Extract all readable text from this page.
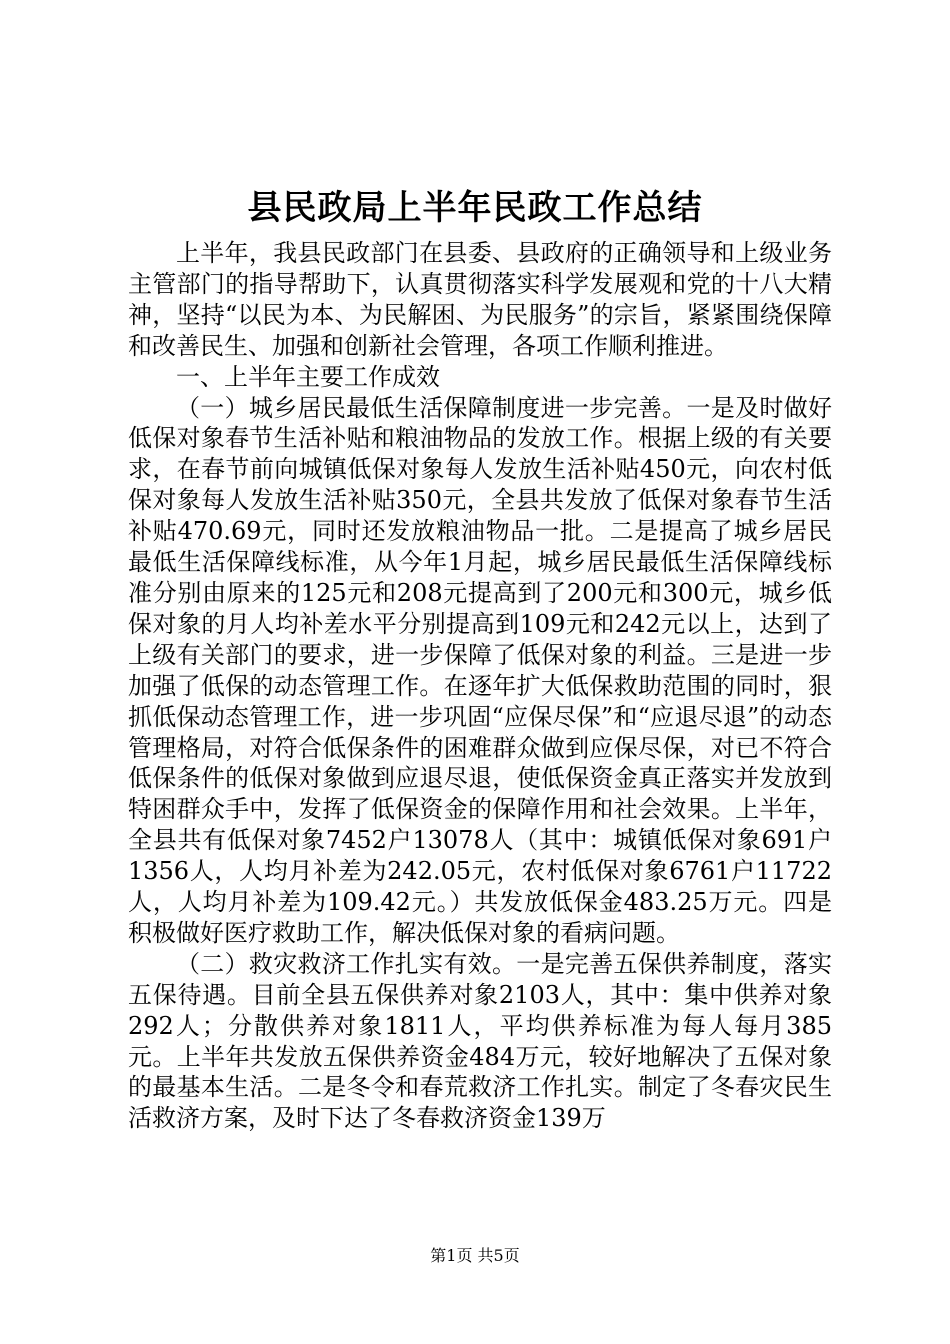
县民政局上半年民政工作总结

上半年，我县民政部门在县委、县政府的正确领导和上级业务主管部门的指导帮助下，认真贯彻落实科学发展观和党的十八大精神，坚持“以民为本、为民解困、为民服务”的宗旨，紧紧围绕保障和改善民生、加强和创新社会管理，各项工作顺利推进。

一、上半年主要工作成效

（一）城乡居民最低生活保障制度进一步完善。一是及时做好低保对象春节生活补贴和粮油物品的发放工作。根据上级的有关要求，在春节前向城镇低保对象每人发放生活补贴450元，向农村低保对象每人发放生活补贴350元，全县共发放了低保对象春节生活补贴470.69元，同时还发放粮油物品一批。二是提高了城乡居民最低生活保障线标准，从今年1月起，城乡居民最低生活保障线标准分别由原来的125元和208元提高到了200元和300元，城乡低保对象的月人均补差水平分别提高到109元和242元以上，达到了上级有关部门的要求，进一步保障了低保对象的利益。三是进一步加强了低保的动态管理工作。在逐年扩大低保救助范围的同时，狠抓低保动态管理工作，进一步巩固“应保尽保”和“应退尽退”的动态管理格局，对符合低保条件的困难群众做到应保尽保，对已不符合低保条件的低保对象做到应退尽退，使低保资金真正落实并发放到特困群众手中，发挥了低保资金的保障作用和社会效果。上半年，全县共有低保对象7452户13078人（其中：城镇低保对象691户1356人，人均月补差为242.05元，农村低保对象6761户11722人，人均月补差为109.42元。）共发放低保金483.25万元。四是积极做好医疗救助工作，解决低保对象的看病问题。

（二）救灾救济工作扎实有效。一是完善五保供养制度，落实五保待遇。目前全县五保供养对象2103人，其中：集中供养对象292人；分散供养对象1811人，平均供养标准为每人每月385元。上半年共发放五保供养资金484万元，较好地解决了五保对象的最基本生活。二是冬令和春荒救济工作扎实。制定了冬春灾民生活救济方案，及时下达了冬春救济资金139万

第1页 共5页
